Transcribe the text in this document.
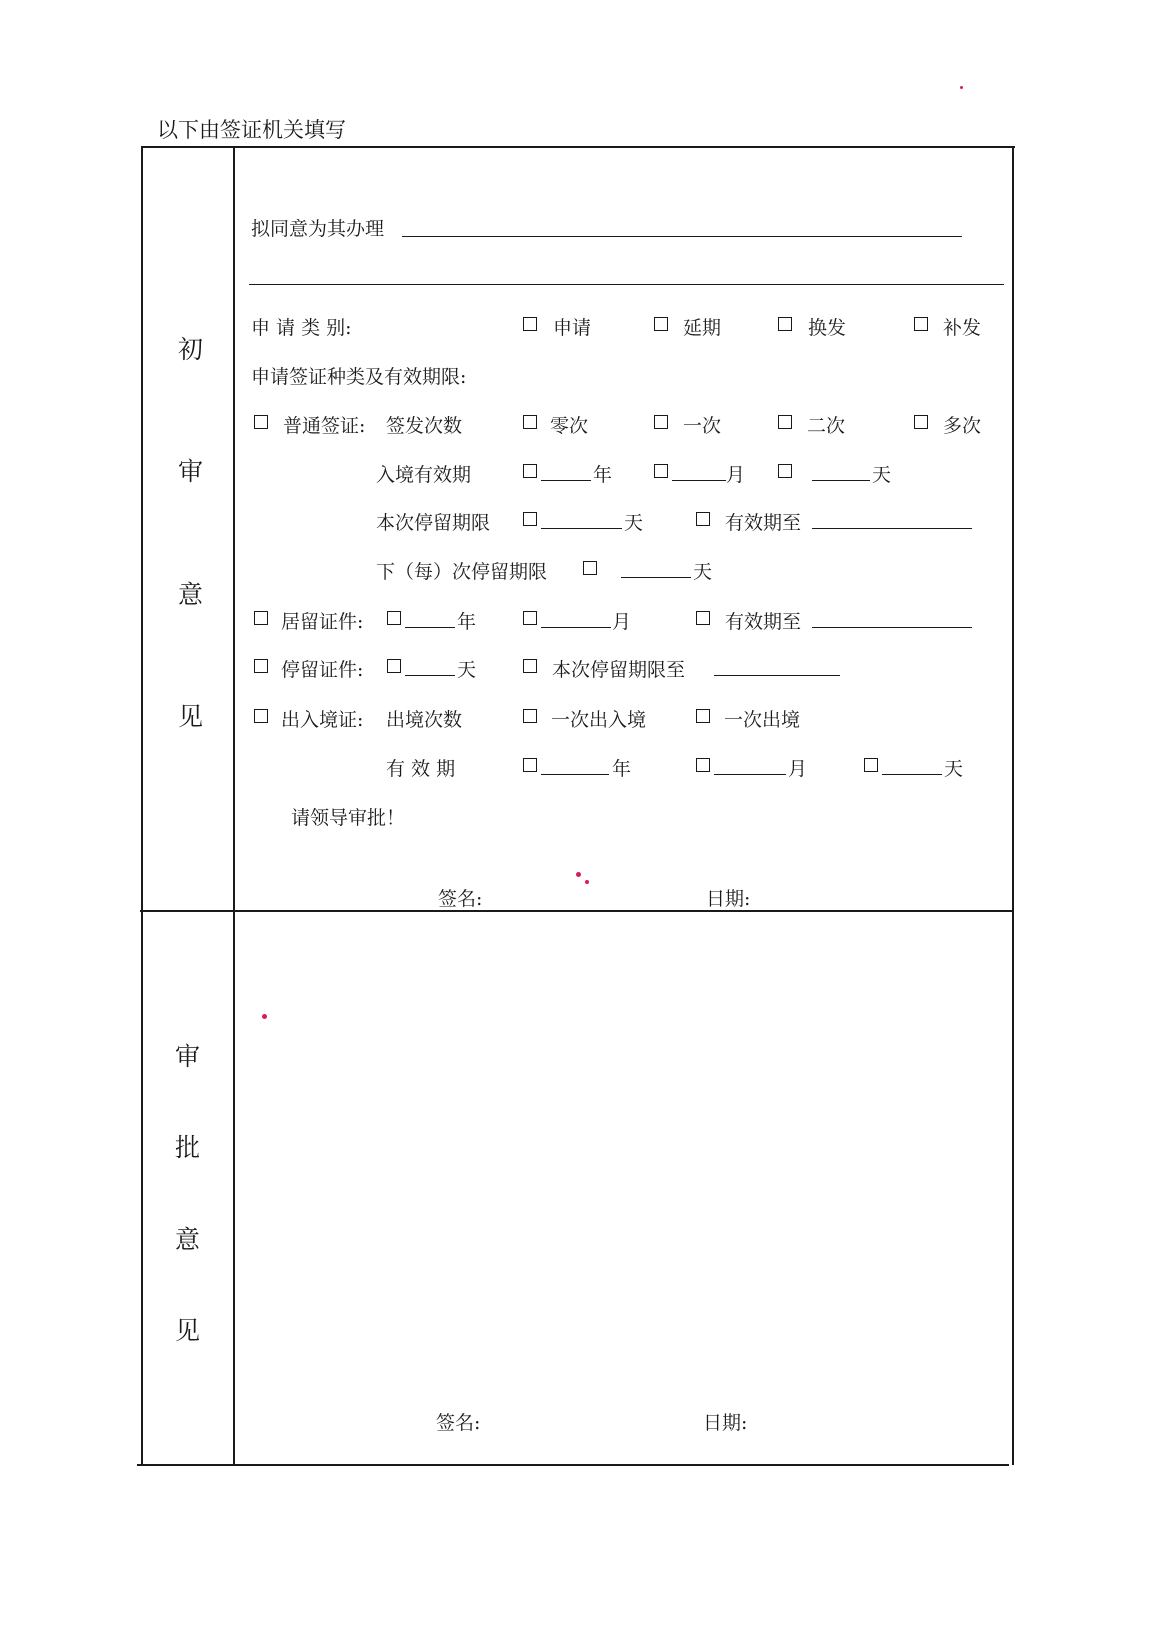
以下由签证机关填写
初
审
意
见
拟同意为其办理
申 请 类 别:	申请	延期	换发	补发
申请签证种类及有效期限:
普通签证: 签发次数	零次	一次	二次	多次
入境有效期	年	月	天
本次停留期限	天	有效期至
下（每）次停留期限	天
居留证件:	年	月	有效期至
停留证件:	天	本次停留期限至
出入境证: 出境次数	一次出入境	一次出境
有 效 期	年	月	天
请领导审批！
签名:	日期:
审
批
意
见
签名:	日期:
